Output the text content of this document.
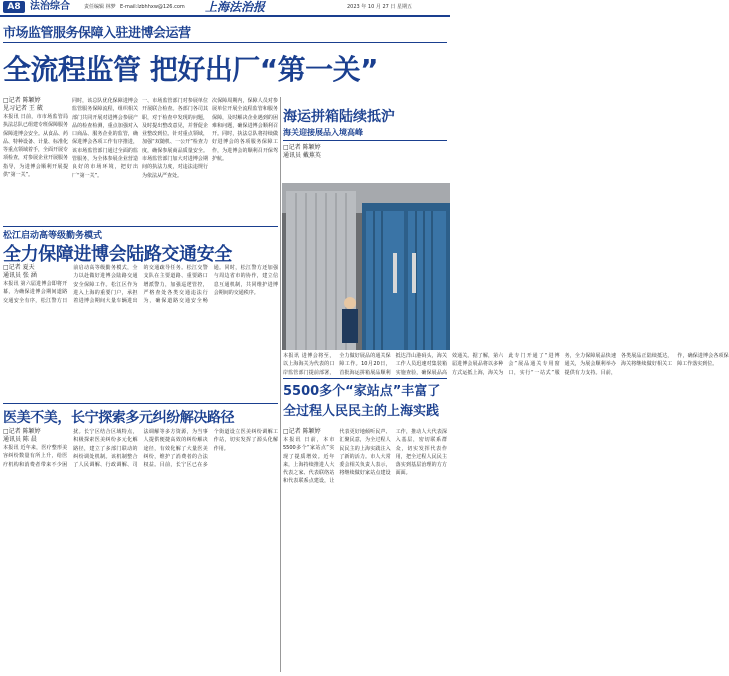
A8 法治综合	责任编辑 林梦 E-mail:lzbhhxw@126.com 上海法治报	2023 年 10 月 27 日 星期五
市场监管服务保障入驻进博会运营
全流程监管 把好出厂“第一关”
□记者 陈颖婷
见习记者 王 葳
本报讯 日前，市市场监管局执法总队已组建专班保障服务保障进博会安全。从食品、药品、特种设备、计量、标准化等重点领域着手，全面开展专项检查，对参展企业开展服务指导，为进博会顺利开展提供“第一关”。
同时，该总队优化保障进博会监管服务保障流程，组织相关部门共同开展对进博会参展产品的检查检测，重点加强对入口商品、服务企业的监管，确保进博会各项工作有序推进，该市场监管部门通过全面的监管服务，为全体参展企业营造良好的市场环境，把好出厂“第一关”。
一、市场监管部门对参展单位开展联合检查。各部门各司其职，对于检查中发现的问题，及时提出整改意见，并督促企业整改到位。针对重点领域，加强“双随机、一公开”检查力度，确保参展商品质量安全。市场监管部门加大对进博会期间的执法力度，对违法违规行为依法从严查处。
次保障周期内，保障人员对参展单位开展全流程监管和服务保障，及时解决企业遇到的困难和问题，确保进博会顺利召开。同时，执法总队将持续做好进博会的各项服务保障工作，为进博会的顺利召开保驾护航。
海运拼箱陆续抵沪
海关迎接展品入境高峰
□记者 陈颖婷
通讯员 戴蕉英
松江启动高等级勤务模式
全力保障进博会陆路交通安全
□记者 夏天
通讯员 张 涵
本报讯 第六届进博会即将开幕，为确保进博会期间道路交通安全有序，松江警方日前启动高等级勤务模式，全力以赴做好进博会陆路交通安全保障工作。松江区作为进入上海的重要门户，承担着进博会期间大量车辆进出的交通疏导任务。松江交警支队在主要道路、重要路口增派警力，加强巡逻管控，严格查处各类交通违法行为，确保道路交通安全畅通。同时，松江警方还加强与周边省市的协作，建立信息互通机制，共同维护进博会期间的交通秩序。
医美不美，长宁探索多元纠纷解决路径
□记者 陈颖婷
通讯员 陈 晨
本报讯 近年来，医疗整形美容纠纷数量有所上升，给医疗机构和消费者带来不少困扰。长宁区结合区域特点，积极探索医美纠纷多元化解路径，建立了多部门联动的纠纷调处机制。该机制整合了人民调解、行政调解、司法调解等多方资源，为当事人提供便捷高效的纠纷解决途径，有效化解了大量医美纠纷，维护了消费者的合法权益。目前，长宁区已在多个街道设立医美纠纷调解工作站，切实发挥了源头化解作用。
5500多个“家站点”丰富了
全过程人民民主的上海实践
□记者 陈颖婷
本报讯 日前，本市5500多个“家站点”实现了提质增效。近年来，上海持续推进人大代表之家、代表联络站和代表联系点建设，让代表更好地倾听民声、汇聚民意，为全过程人民民主的上海实践注入了新的活力。市人大常委会相关负责人表示，将继续做好家站点建设工作，推动人大代表深入基层，密切联系群众，切实发挥代表作用，把全过程人民民主落实到基层治理的方方面面。
本报讯 进博会将至，以上海海关为代表的口岸监管部门提前部署，全力做好展品的通关保障工作。10月20日，首批海运拼箱展品顺利抵达洋山港码头，海关工作人员迅速对集装箱实施查验，确保展品高效通关。据了解，第六届进博会展品将以多种方式运抵上海，海关为此专门开通了“进博会”展品通关专用窗口，实行“一站式”服务，全力保障展品快速通关，为展会顺利举办提供有力支持。目前，各类展品正陆续抵达，海关将继续做好相关工作，确保进博会各项保障工作落实到位。
